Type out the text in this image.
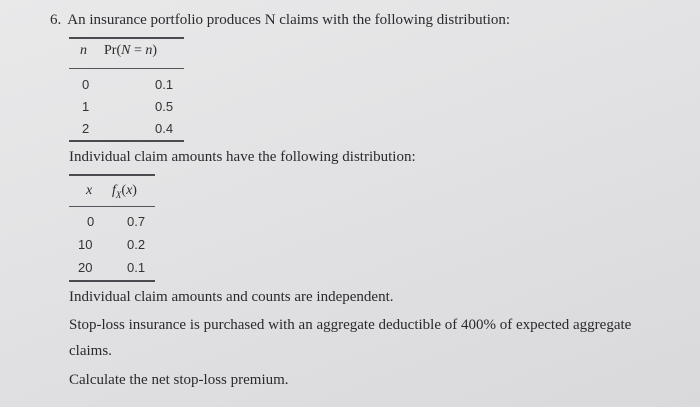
6. An insurance portfolio produces N claims with the following distribution:
n Pr(N = n)
0	0.1
1	0.5
2	0.4
Individual claim amounts have the following distribution:
x $f_X(x)$
0	0.7
10	0.2
20	0.1
Individual claim amounts and counts are independent.
Stop-loss insurance is purchased with an aggregate deductible of 400% of expected aggregate
claims.
Calculate the net stop-loss premium.
